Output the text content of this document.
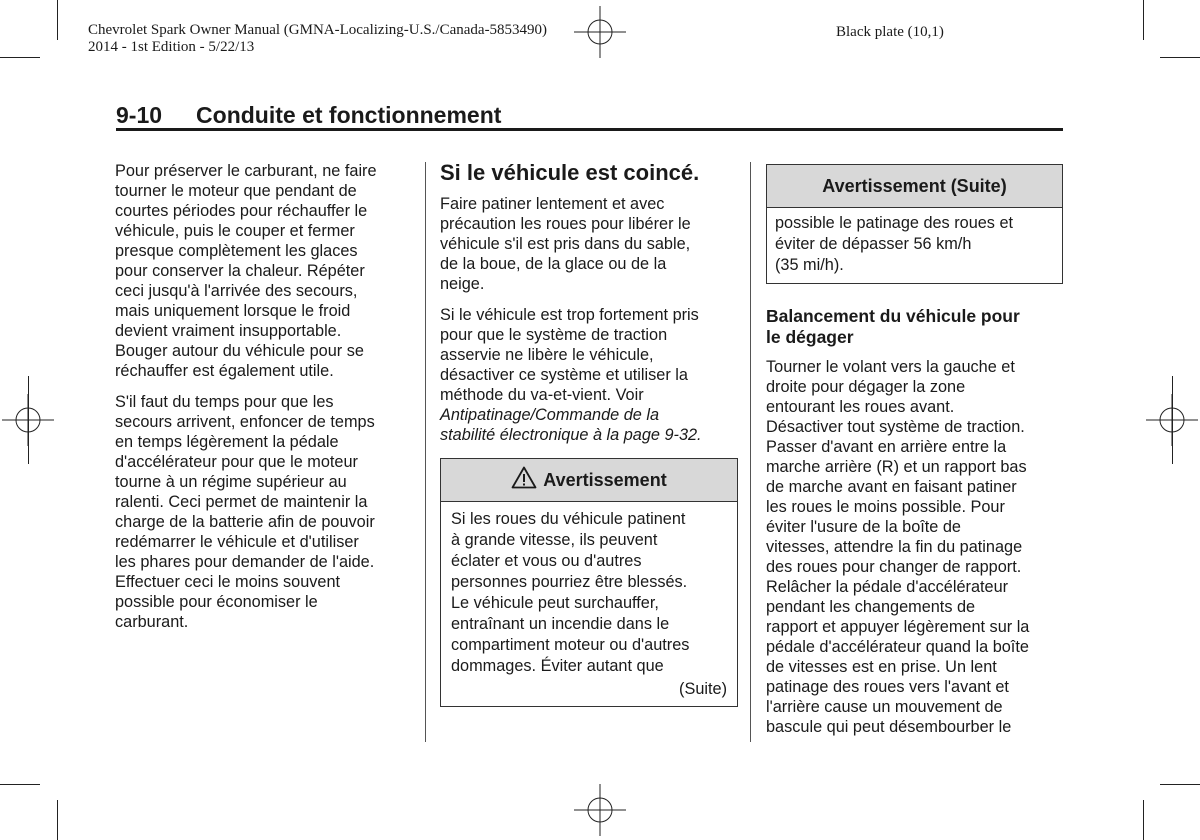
Chevrolet Spark Owner Manual (GMNA-Localizing-U.S./Canada-5853490)
2014 - 1st Edition - 5/22/13
Black plate (10,1)
9-10 Conduite et fonctionnement

Pour préserver le carburant, ne faire
tourner le moteur que pendant de
courtes périodes pour réchauffer le
véhicule, puis le couper et fermer
presque complètement les glaces
pour conserver la chaleur. Répéter
ceci jusqu'à l'arrivée des secours,
mais uniquement lorsque le froid
devient vraiment insupportable.
Bouger autour du véhicule pour se
réchauffer est également utile.

S'il faut du temps pour que les
secours arrivent, enfoncer de temps
en temps légèrement la pédale
d'accélérateur pour que le moteur
tourne à un régime supérieur au
ralenti. Ceci permet de maintenir la
charge de la batterie afin de pouvoir
redémarrer le véhicule et d'utiliser
les phares pour demander de l'aide.
Effectuer ceci le moins souvent
possible pour économiser le
carburant.

Si le véhicule est coincé.

Faire patiner lentement et avec
précaution les roues pour libérer le
véhicule s'il est pris dans du sable,
de la boue, de la glace ou de la
neige.

Si le véhicule est trop fortement pris
pour que le système de traction
asservie ne libère le véhicule,
désactiver ce système et utiliser la
méthode du va-et-vient. Voir
Antipatinage/Commande de la
stabilité électronique à la page 9-32.

Avertissement
Si les roues du véhicule patinent
à grande vitesse, ils peuvent
éclater et vous ou d'autres
personnes pourriez être blessés.
Le véhicule peut surchauffer,
entraînant un incendie dans le
compartiment moteur ou d'autres
dommages. Éviter autant que
(Suite)
Avertissement (Suite)
possible le patinage des roues et
éviter de dépasser 56 km/h
(35 mi/h).
Balancement du véhicule pour
le dégager

Tourner le volant vers la gauche et
droite pour dégager la zone
entourant les roues avant.
Désactiver tout système de traction.
Passer d'avant en arrière entre la
marche arrière (R) et un rapport bas
de marche avant en faisant patiner
les roues le moins possible. Pour
éviter l'usure de la boîte de
vitesses, attendre la fin du patinage
des roues pour changer de rapport.
Relâcher la pédale d'accélérateur
pendant les changements de
rapport et appuyer légèrement sur la
pédale d'accélérateur quand la boîte
de vitesses est en prise. Un lent
patinage des roues vers l'avant et
l'arrière cause un mouvement de
bascule qui peut désembourber le
